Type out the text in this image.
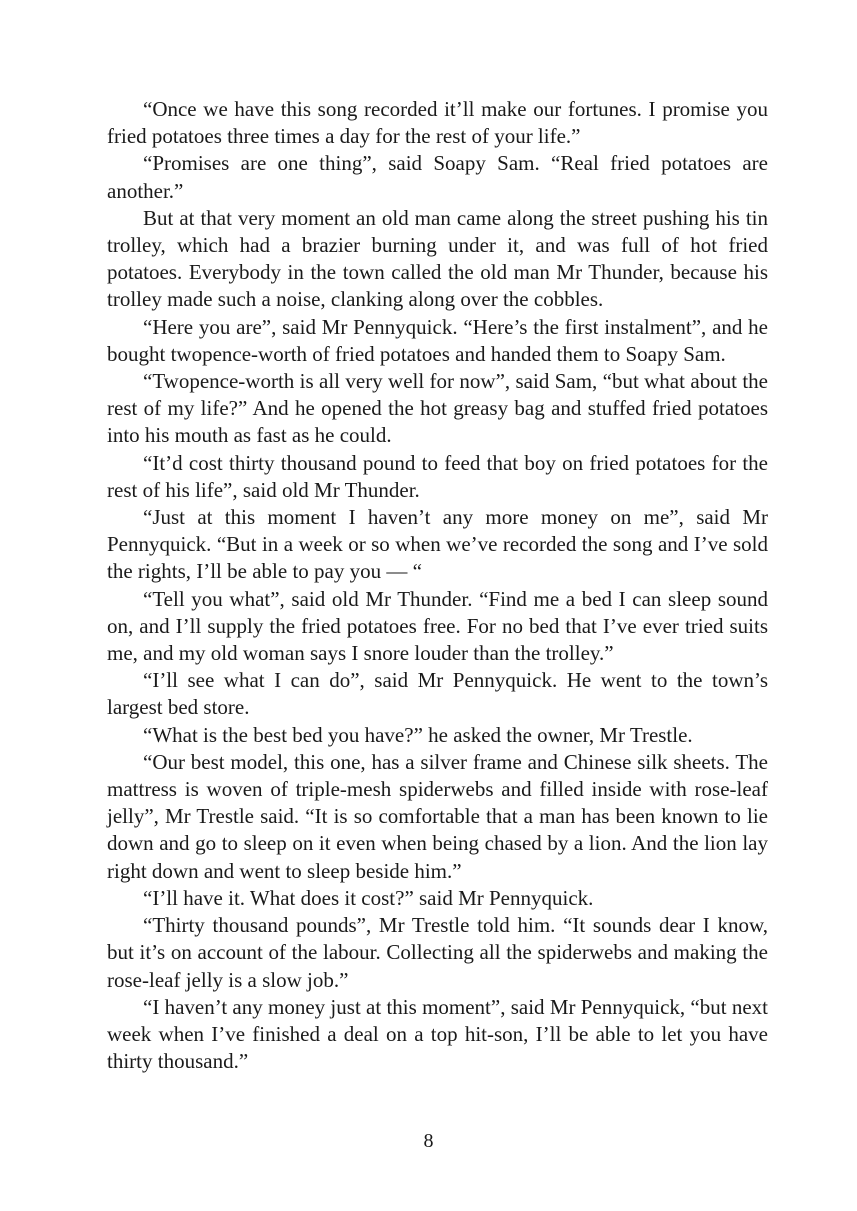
“Once we have this song recorded it’ll make our fortunes. I promise you fried potatoes three times a day for the rest of your life.”

“Promises are one thing”, said Soapy Sam. “Real fried potatoes are another.”

But at that very moment an old man came along the street pushing his tin trolley, which had a brazier burning under it, and was full of hot fried potatoes. Everybody in the town called the old man Mr Thunder, because his trolley made such a noise, clanking along over the cobbles.

“Here you are”, said Mr Pennyquick. “Here’s the first instalment”, and he bought twopence-worth of fried potatoes and handed them to Soapy Sam.

“Twopence-worth is all very well for now”, said Sam, “but what about the rest of my life?” And he opened the hot greasy bag and stuffed fried potatoes into his mouth as fast as he could.

“It’d cost thirty thousand pound to feed that boy on fried potatoes for the rest of his life”, said old Mr Thunder.

“Just at this moment I haven’t any more money on me”, said Mr Pennyquick. “But in a week or so when we’ve recorded the song and I’ve sold the rights, I’ll be able to pay you — “

“Tell you what”, said old Mr Thunder. “Find me a bed I can sleep sound on, and I’ll supply the fried potatoes free. For no bed that I’ve ever tried suits me, and my old woman says I snore louder than the trolley.”

“I’ll see what I can do”, said Mr Pennyquick. He went to the town’s largest bed store.

“What is the best bed you have?” he asked the owner, Mr Trestle.

“Our best model, this one, has a silver frame and Chinese silk sheets. The mattress is woven of triple-mesh spiderwebs and filled inside with rose-leaf jelly”, Mr Trestle said. “It is so comfortable that a man has been known to lie down and go to sleep on it even when being chased by a lion. And the lion lay right down and went to sleep beside him.”

“I’ll have it. What does it cost?” said Mr Pennyquick.

“Thirty thousand pounds”, Mr Trestle told him. “It sounds dear I know, but it’s on account of the labour. Collecting all the spiderwebs and making the rose-leaf jelly is a slow job.”

“I haven’t any money just at this moment”, said Mr Pennyquick, “but next week when I’ve finished a deal on a top hit-son, I’ll be able to let you have thirty thousand.”

8
